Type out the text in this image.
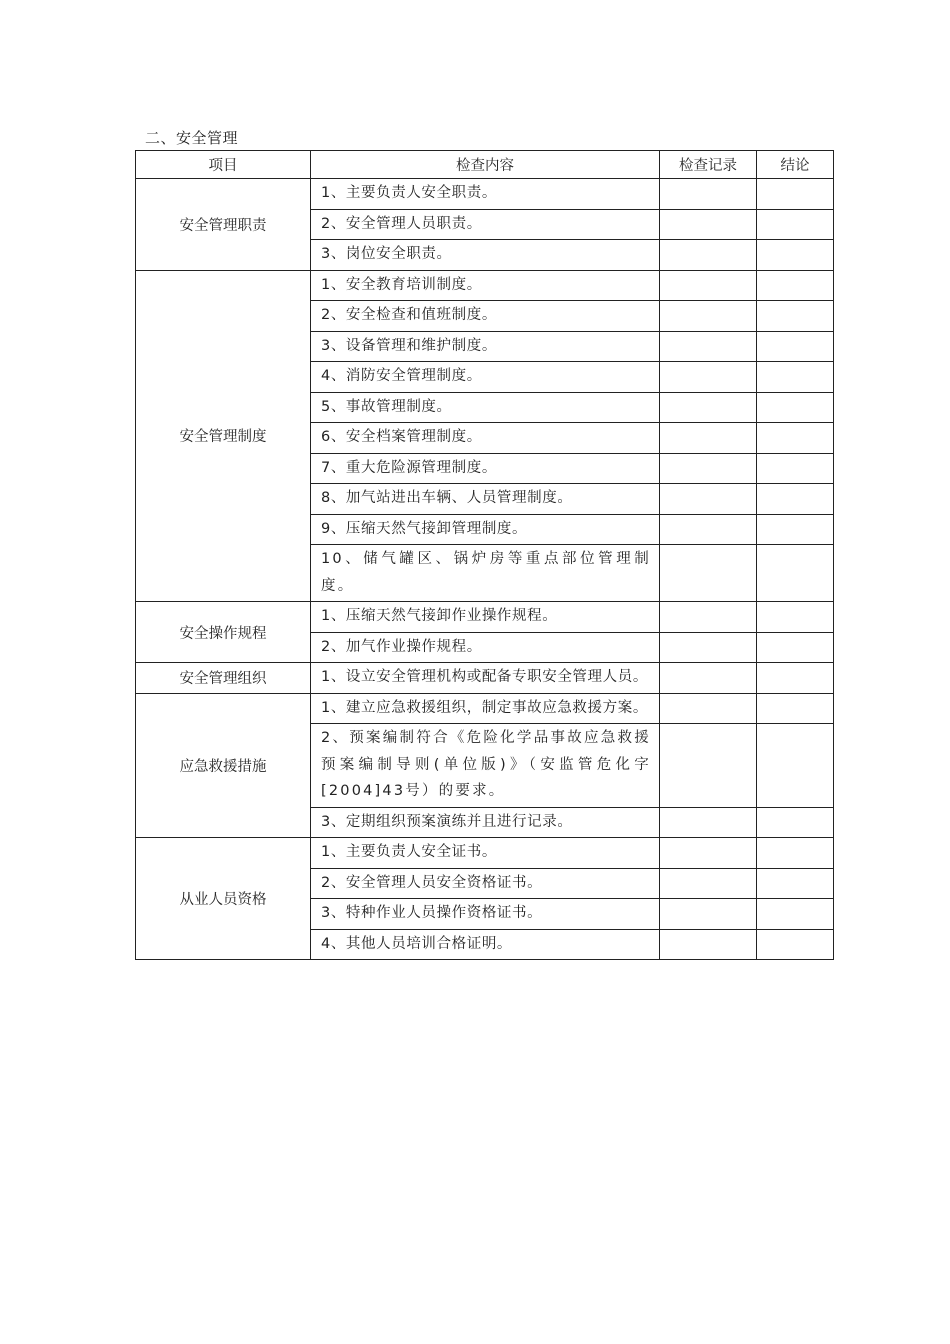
二、安全管理
项目	检查内容	检查记录	结论
安全管理职责	1、主要负责人安全职责。		
	2、安全管理人员职责。		
	3、岗位安全职责。		
安全管理制度	1、安全教育培训制度。		
	2、安全检查和值班制度。		
	3、设备管理和维护制度。		
	4、消防安全管理制度。		
	5、事故管理制度。		
	6、安全档案管理制度。		
	7、重大危险源管理制度。		
	8、加气站进出车辆、人员管理制度。		
	9、压缩天然气接卸管理制度。		
	10、储气罐区、锅炉房等重点部位管理制度。		
安全操作规程	1、压缩天然气接卸作业操作规程。		
	2、加气作业操作规程。		
安全管理组织	1、设立安全管理机构或配备专职安全管理人员。		
应急救援措施	1、建立应急救援组织，制定事故应急救援方案。		
	2、预案编制符合《危险化学品事故应急救援预案编制导则(单位版)》（安监管危化字[2004]43号）的要求。		
	3、定期组织预案演练并且进行记录。		
从业人员资格	1、主要负责人安全证书。		
	2、安全管理人员安全资格证书。		
	3、特种作业人员操作资格证书。		
	4、其他人员培训合格证明。		
